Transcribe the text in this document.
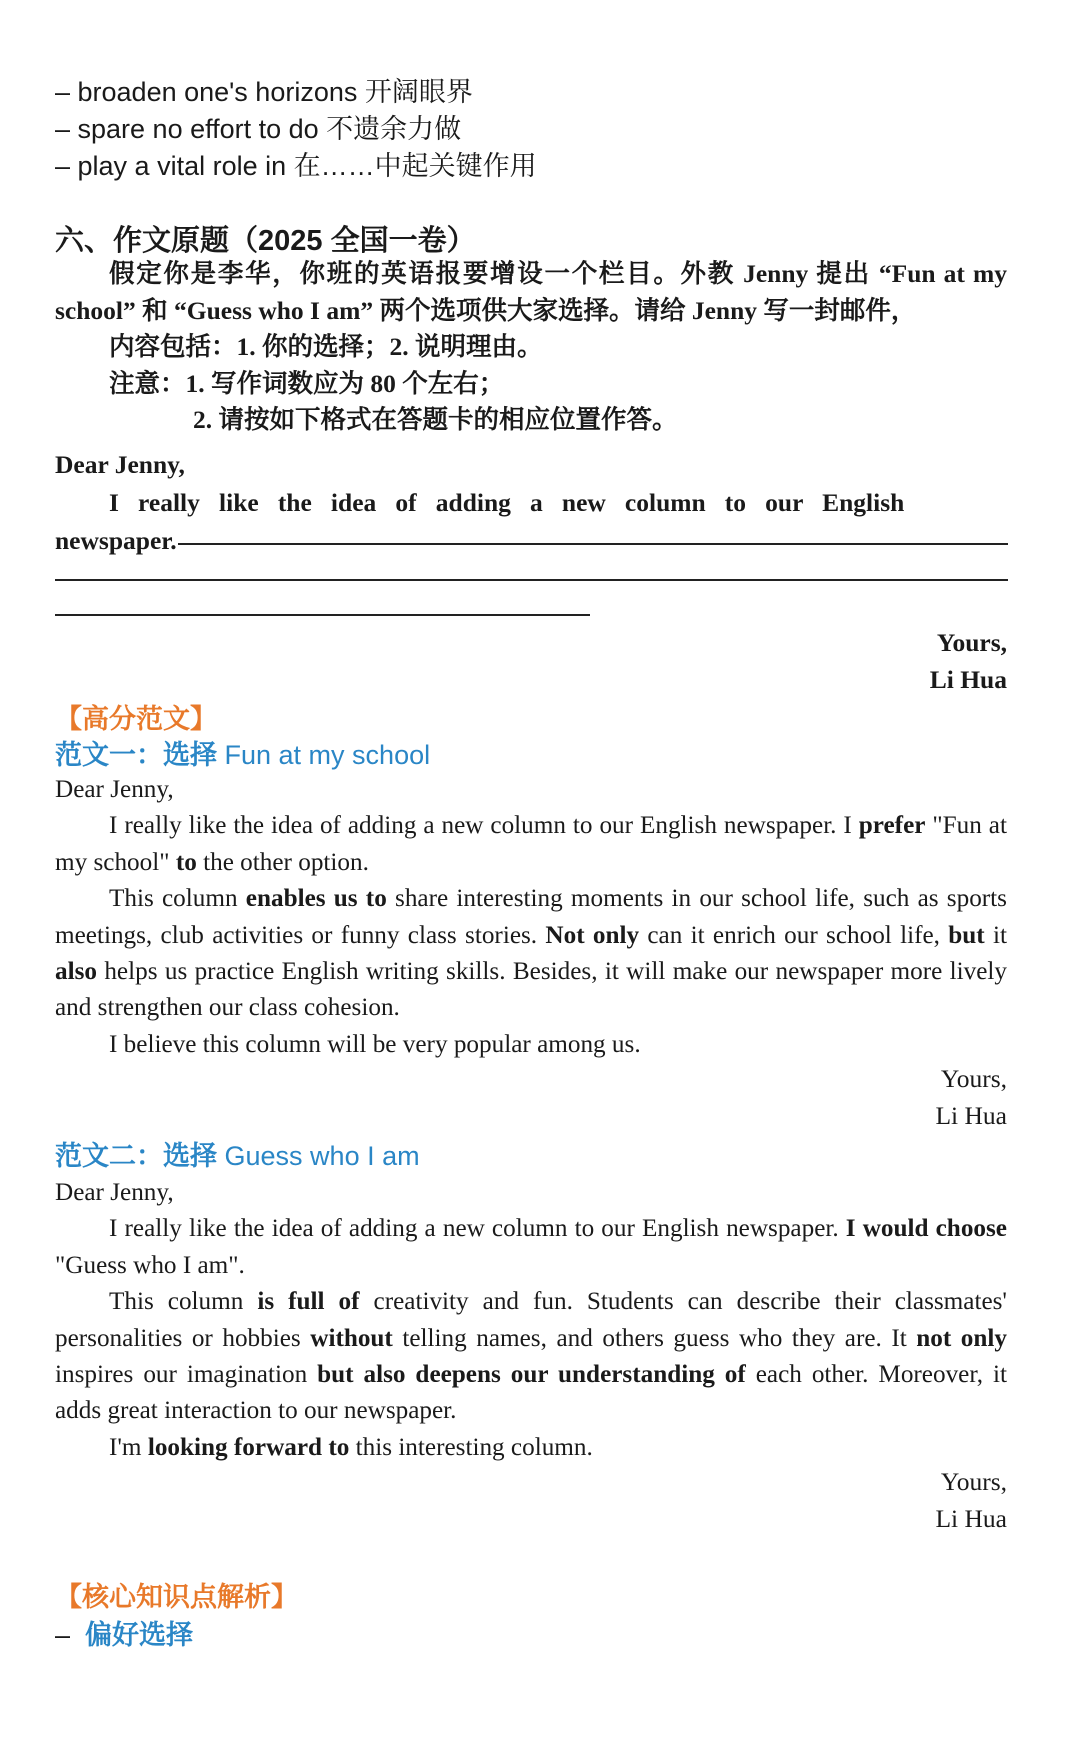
– broaden one's horizons 开阔眼界
– spare no effort to do 不遗余力做
– play a vital role in 在……中起关键作用
六、作文原题（2025 全国一卷）

假定你是李华，你班的英语报要增设一个栏目。外教 Jenny 提出 “Fun at my school” 和 “Guess who I am” 两个选项供大家选择。请给 Jenny 写一封邮件，

内容包括：1. 你的选择；2. 说明理由。

注意：1. 写作词数应为 80 个左右；

2. 请按如下格式在答题卡的相应位置作答。

Dear Jenny,

I   really   like   the   idea   of   adding   a   new   column   to   our   English

newspaper.

Yours,
Li Hua
【高分范文】
范文一：选择 Fun at my school

Dear Jenny,

I really like the idea of adding a new column to our English newspaper. I prefer "Fun at my school" to the other option.

This column enables us to share interesting moments in our school life, such as sports meetings, club activities or funny class stories. Not only can it enrich our school life, but it also helps us practice English writing skills. Besides, it will make our newspaper more lively and strengthen our class cohesion.

I believe this column will be very popular among us.

Yours,
Li Hua
范文二：选择 Guess who I am

Dear Jenny,

I really like the idea of adding a new column to our English newspaper. I would choose "Guess who I am".

This column is full of creativity and fun. Students can describe their classmates' personalities or hobbies without telling names, and others guess who they are. It not only inspires our imagination but also deepens our understanding of each other. Moreover, it adds great interaction to our newspaper.

I'm looking forward to this interesting column.

Yours,
Li Hua
【核心知识点解析】
– 偏好选择
